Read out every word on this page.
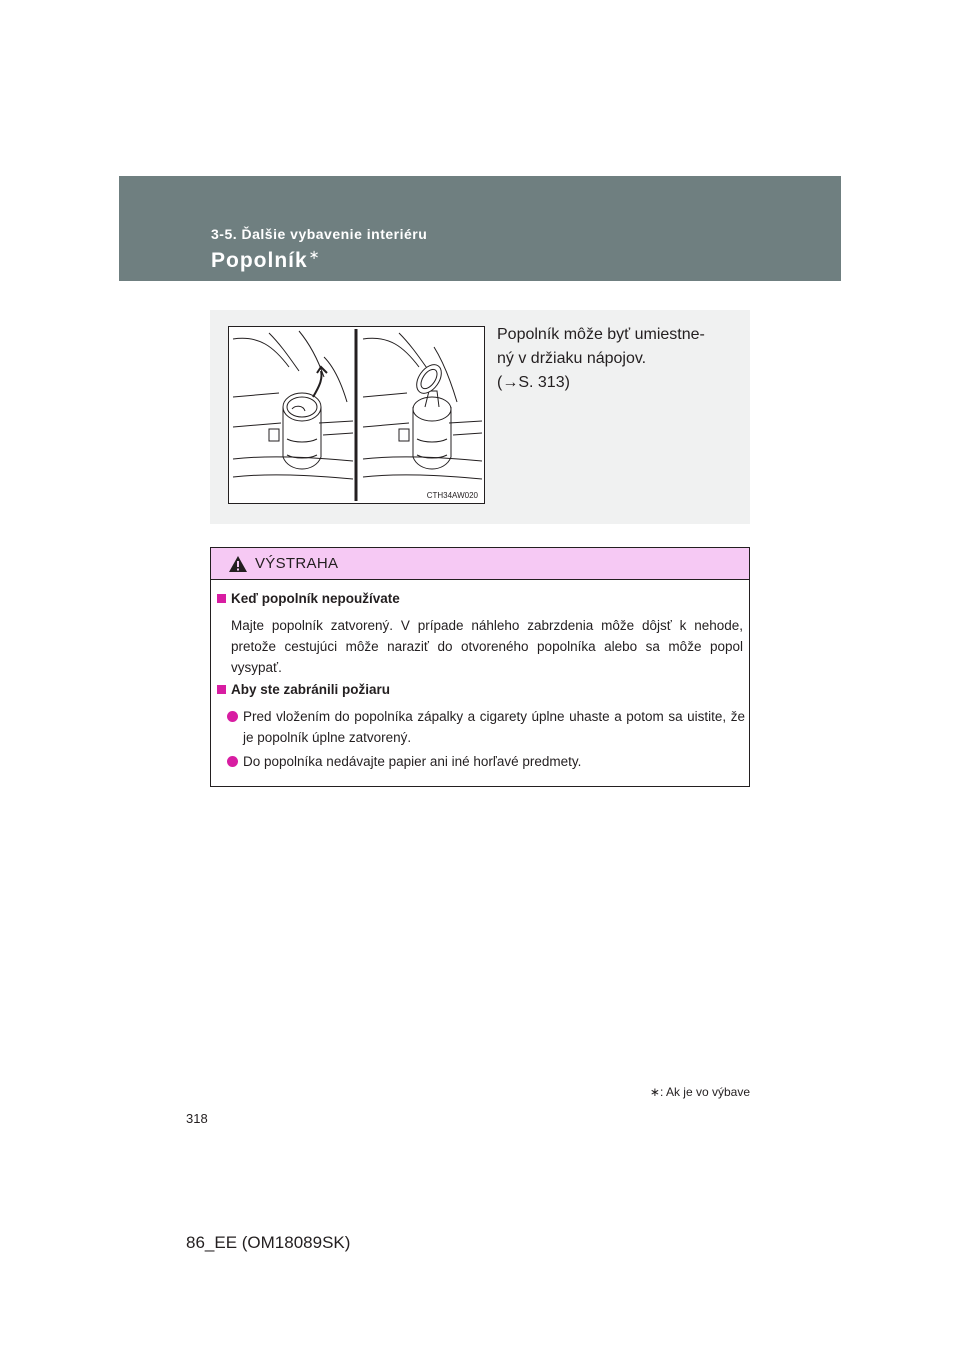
3-5. Ďalšie vybavenie interiéru
Popolník∗
CTH34AW020

Popolník môže byť umiestne-

ný v držiaku nápojov.

(→S. 313)

VÝSTRAHA
Keď popolník nepoužívate

Majte popolník zatvorený. V prípade náhleho zabrzdenia môže dôjsť k nehode, pretože cestujúci môže naraziť do otvoreného popolníka alebo sa môže popol vysypať.

Aby ste zabránili požiaru

Pred vložením do popolníka zápalky a cigarety úplne uhaste a potom sa uistite, že je popolník úplne zatvorený.

Do popolníka nedávajte papier ani iné horľavé predmety.

∗: Ak je vo výbave
318
86_EE (OM18089SK)
